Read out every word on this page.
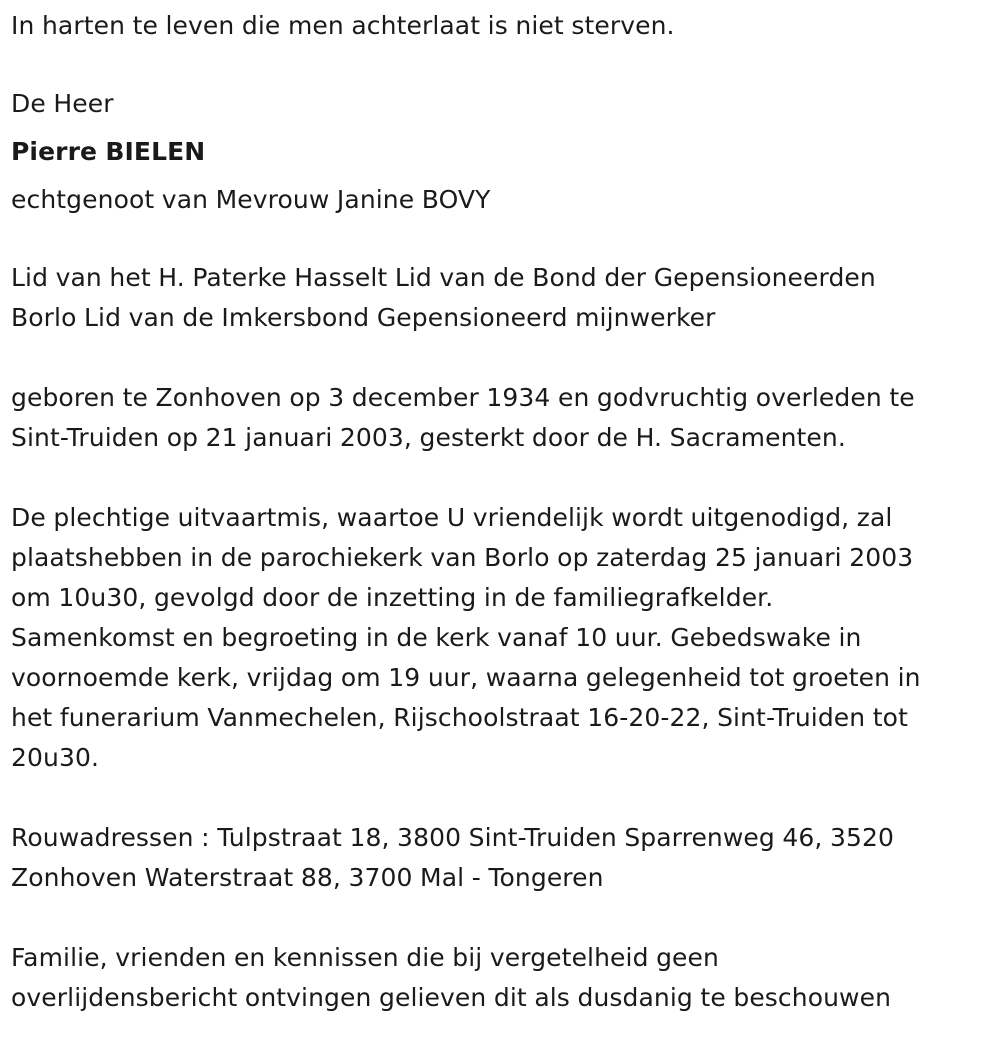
In harten te leven die men achterlaat is niet sterven.
De Heer
Pierre BIELEN
echtgenoot van Mevrouw Janine BOVY
Lid van het H. Paterke Hasselt Lid van de Bond der Gepensioneerden
Borlo Lid van de Imkersbond Gepensioneerd mijnwerker
geboren te Zonhoven op 3 december 1934 en godvruchtig overleden te
Sint-Truiden op 21 januari 2003, gesterkt door de H. Sacramenten.
De plechtige uitvaartmis, waartoe U vriendelijk wordt uitgenodigd, zal
plaatshebben in de parochiekerk van Borlo op zaterdag 25 januari 2003
om 10u30, gevolgd door de inzetting in de familiegrafkelder.
Samenkomst en begroeting in de kerk vanaf 10 uur. Gebedswake in
voornoemde kerk, vrijdag om 19 uur, waarna gelegenheid tot groeten in
het funerarium Vanmechelen, Rijschoolstraat 16-20-22, Sint-Truiden tot
20u30.
Rouwadressen : Tulpstraat 18, 3800 Sint-Truiden Sparrenweg 46, 3520
Zonhoven Waterstraat 88, 3700 Mal - Tongeren
Familie, vrienden en kennissen die bij vergetelheid geen
overlijdensbericht ontvingen gelieven dit als dusdanig te beschouwen
